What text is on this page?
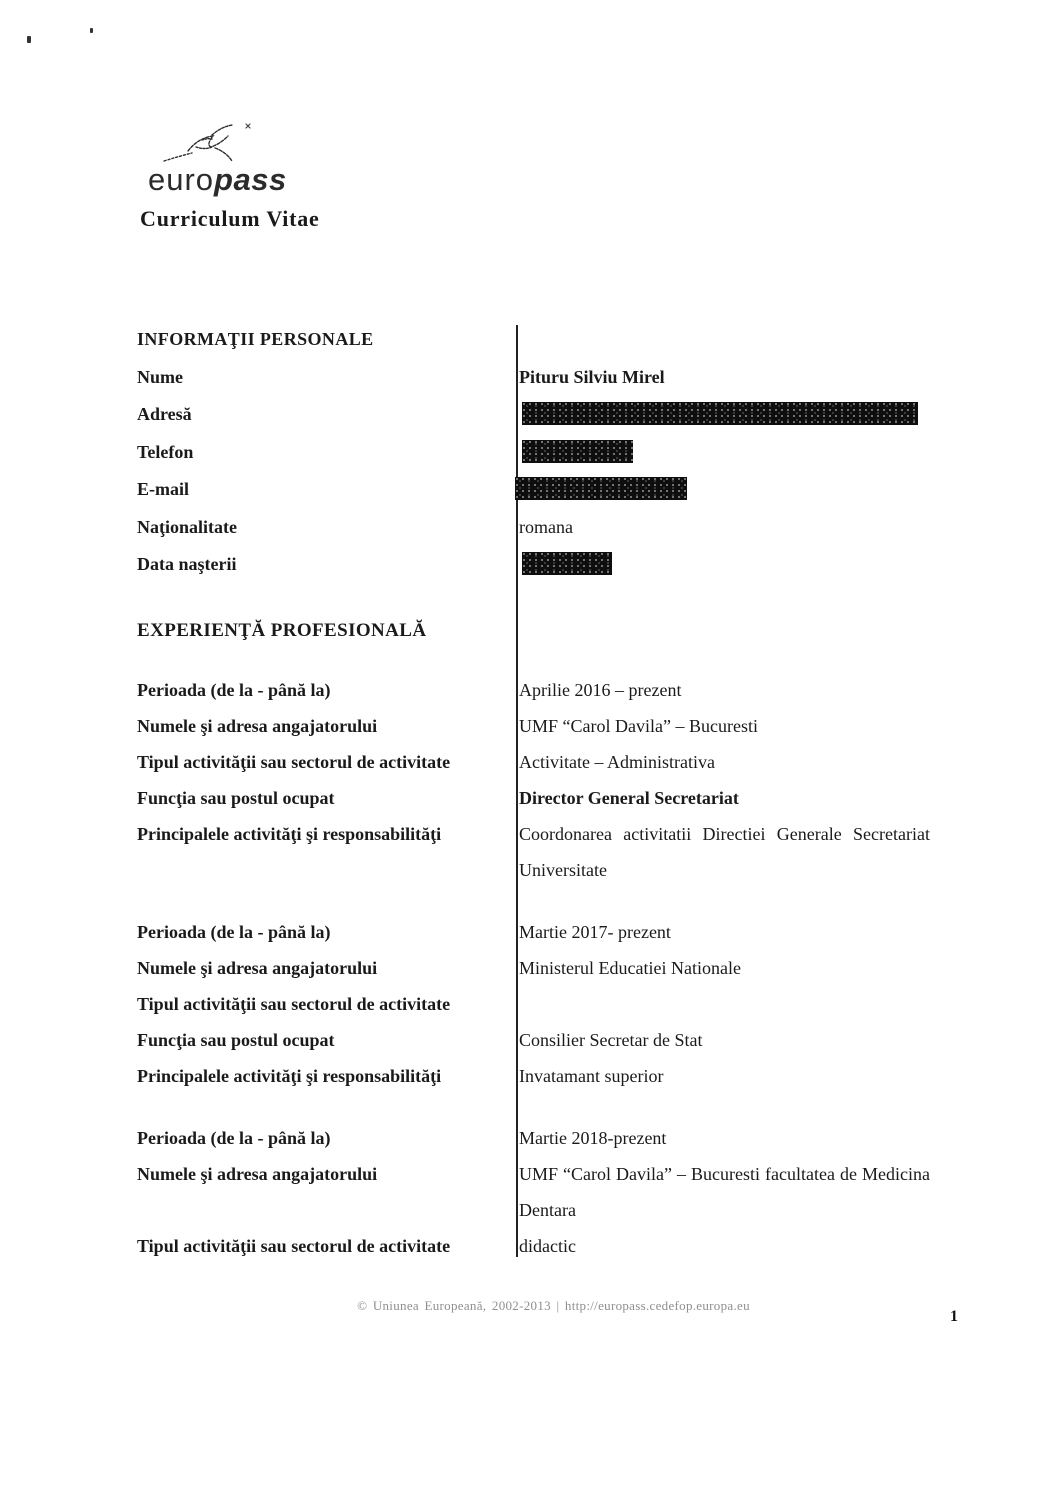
europass
Curriculum Vitae
INFORMAŢII PERSONALE
Nume	Pituru Silviu Mirel
Adresă
Telefon
E-mail
Naţionalitate	romana
Data naşterii
EXPERIENŢĂ PROFESIONALĂ
Perioada (de la - până la)	Aprilie 2016 – prezent
Numele şi adresa angajatorului	UMF “Carol Davila” – Bucuresti
Tipul activităţii sau sectorul de activitate	Activitate – Administrativa
Funcţia sau postul ocupat	Director General Secretariat
Principalele activităţi şi responsabilităţi	Coordonarea activitatii Directiei Generale Secretariat Universitate
Perioada (de la - până la)	Martie 2017- prezent
Numele şi adresa angajatorului	Ministerul Educatiei Nationale
Tipul activităţii sau sectorul de activitate
Funcţia sau postul ocupat	Consilier Secretar de Stat
Principalele activităţi şi responsabilităţi	Invatamant superior
Perioada (de la - până la)	Martie 2018-prezent
Numele şi adresa angajatorului	UMF “Carol Davila” – Bucuresti facultatea de Medicina Dentara
Tipul activităţii sau sectorul de activitate	didactic
© Uniunea Europeană, 2002-2013 | http://europass.cedefop.europa.eu
1
